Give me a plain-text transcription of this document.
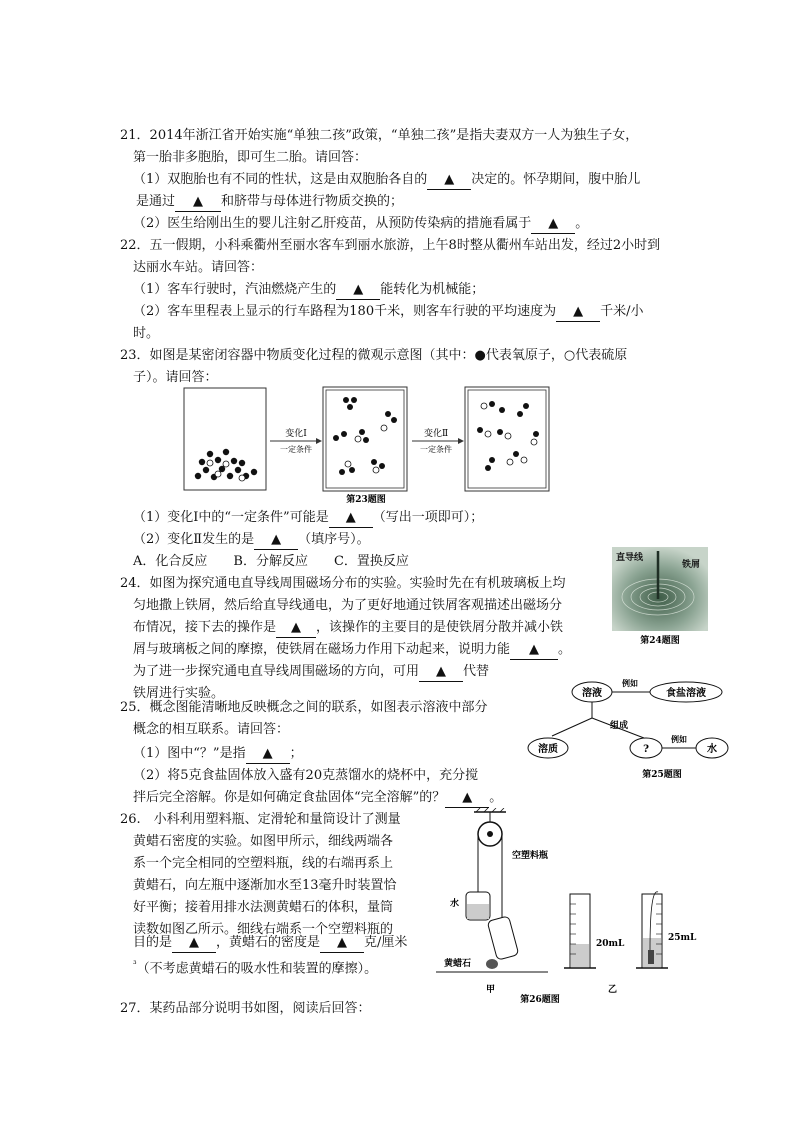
21．2014年浙江省开始实施“单独二孩”政策，“单独二孩”是指夫妻双方一人为独生子女，
第一胎非多胞胎，即可生二胎。请回答：
（1）双胞胎也有不同的性状，这是由双胞胎各自的 ▲ 决定的。怀孕期间，腹中胎儿
是通过 ▲ 和脐带与母体进行物质交换的；
（2）医生给刚出生的婴儿注射乙肝疫苗，从预防传染病的措施看属于 ▲ 。
22．五一假期，小科乘衢州至丽水客车到丽水旅游，上午8时整从衢州车站出发，经过2小时到
达丽水车站。请回答：
（1）客车行驶时，汽油燃烧产生的 ▲ 能转化为机械能；
（2）客车里程表上显示的行车路程为180千米，则客车行驶的平均速度为 ▲ 千米/小
时。
23．如图是某密闭容器中物质变化过程的微观示意图（其中：●代表氧原子，○代表硫原
子）。请回答：
变化Ⅰ
一定条件
变化Ⅱ
一定条件
第23题图
（1）变化Ⅰ中的“一定条件”可能是 ▲ （写出一项即可）；
（2）变化Ⅱ发生的是 ▲ （填序号）。
A．化合反应　　B．分解反应　　C．置换反应
24．如图为探究通电直导线周围磁场分布的实验。实验时先在有机玻璃板上均
匀地撒上铁屑，然后给直导线通电，为了更好地通过铁屑客观描述出磁场分
布情况，接下去的操作是 ▲ ，该操作的主要目的是使铁屑分散并减小铁
屑与玻璃板之间的摩擦，使铁屑在磁场力作用下动起来，说明力能 ▲ 。
为了进一步探究通电直导线周围磁场的方向，可用 ▲ 代替
铁屑进行实验。
直导线
铁屑
第24题图
25．概念图能清晰地反映概念之间的联系，如图表示溶液中部分
概念的相互联系。请回答：
（1）图中“？”是指 ▲ ；
（2）将5克食盐固体放入盛有20克蒸馏水的烧杯中，充分搅
拌后完全溶解。你是如何确定食盐固体“完全溶解”的？ ▲ 。
溶液
例如
食盐溶液
组成
溶质	?
例如
水
第25题图
26.　小科利用塑料瓶、定滑轮和量筒设计了测量
黄蜡石密度的实验。如图甲所示，细线两端各
系一个完全相同的空塑料瓶，线的右端再系上
黄蜡石，向左瓶中逐渐加水至13毫升时装置恰
好平衡；接着用排水法测黄蜡石的体积，量筒
读数如图乙所示。细线右端系一个空塑料瓶的
目的是 ▲ ，黄蜡石的密度是 ▲ 克/厘米
$^{^3}$（不考虑黄蜡石的吸水性和装置的摩擦）。
水
空塑料瓶
黄蜡石
甲
20mL
25mL
乙
第26题图
27．某药品部分说明书如图，阅读后回答：
